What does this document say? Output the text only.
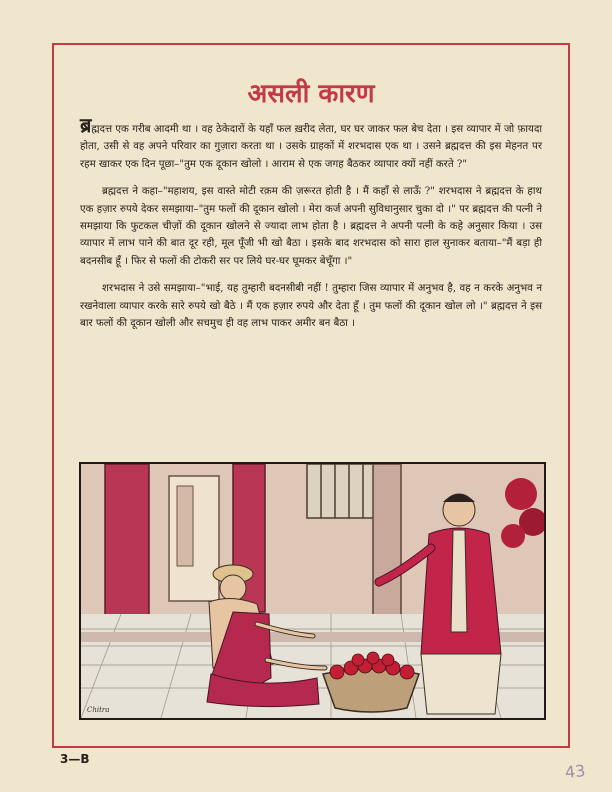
असली कारण

ब्रह्मदत्त एक गरीब आदमी था । वह ठेकेदारों के यहाँ फल ख़रीद लेता, घर घर जाकर फल बेच देता । इस व्यापार में जो फ़ायदा होता, उसी से वह अपने परिवार का गुज़ारा करता था । उसके ग्राहकों में शरभदास एक था । उसने ब्रह्मदत्त की इस मेहनत पर रहम खाकर एक दिन पूछा–"तुम एक दूकान खोलो । आराम से एक जगह बैठकर व्यापार क्यों नहीं करते ?"

ब्रह्मदत्त ने कहा–"महाशय, इस वास्ते मोटी रक़म की ज़रूरत होती है । मैं कहाँ से लाऊँ ?" शरभदास ने ब्रह्मदत्त के हाथ एक हज़ार रुपये देकर समझाया–"तुम फलों की दूकान खोलो । मेरा कर्ज अपनी सुविधानुसार चुका दो ।" पर ब्रह्मदत्त की पत्नी ने समझाया कि फुटकल चीज़ों की दूकान खोलने से ज्यादा लाभ होता है । ब्रह्मदत्त ने अपनी पत्नी के कहे अनुसार किया । उस व्यापार में लाभ पाने की बात दूर रही, मूल पूँजी भी खो बैठा । इसके बाद शरभदास को सारा हाल सुनाकर बताया–"मैं बड़ा ही बदनसीब हूँ । फिर से फलों की टोकरी सर पर लिये घर-घर घूमकर बेचूँगा ।"

शरभदास ने उसे समझाया–"भाई, यह तुम्हारी बदनसीबी नहीं ! तुम्हारा जिस व्यापार में अनुभव है, वह न करके अनुभव न रखनेवाला व्यापार करके सारे रुपये खो बैठे । मैं एक हज़ार रुपये और देता हूँ । तुम फलों की दूकान खोल लो ।" ब्रह्मदत्त ने इस बार फलों की दूकान खोली और सचमुच ही वह लाभ पाकर अमीर बन बैठा ।

Chitra
3—B
43
